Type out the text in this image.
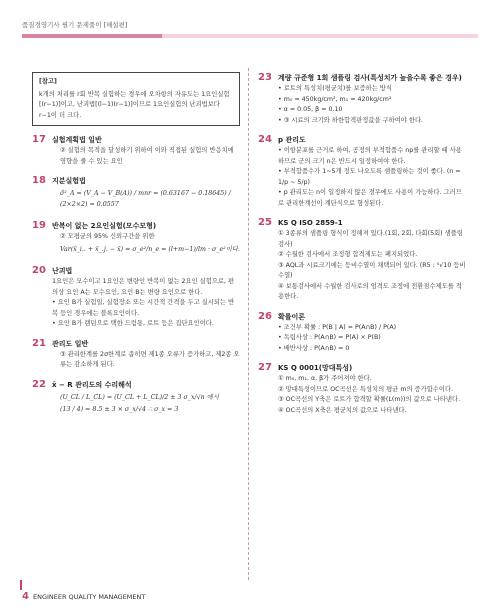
품질경영기사 필기 문제풀이 [해설편]
[참고]
k개의 처리를 r회 반복 실험하는 경우에 오차항의 자유도는 1요인실험[(r−1)]이고, 난괴법[(l−1)(r−1)]이므로 1요인실험의 난괴법보다 r−1이 더 크다.
17 실험계획법 일반
② 실험의 목적을 달성하기 위하여 이와 직접된 실험의 반응치에 영향을 줄 수 있는 요인
18 지분실험법
σ̂²_A = (V_A − V_B(A)) / mnr = (0.63167 − 0.18645) / (2×2×2) = 0.0557
19 반복이 없는 2요인실험(모수모형)
② 모평균의 95% 신뢰구간을 위한
Var(x̄_i.. + x̄_.j. − x̄) = σ_e²/n_e = (l+m−1)/lm · σ_e²이다.
20 난괴법
1요인은 모수이고 1요인은 변량인 반복이 없는 2요인 실험으로, 편의상 요인 A는 모수요인, 요인 B는 변량 요인으로 한다.
• 요인 B가 실험일, 실험장소 또는 시간적 간격을 두고 실시되는 반복 등인 경우에는 블록요인이다.
• 요인 B가 랜덤으로 택한 드럼통, 로트 등은 집단요인이다.
21 관리도 일반
③ 관리한계를 2σ한계로 좁히면 제1종 오류가 증가하고, 제2종 오류는 감소하게 된다.
22 x̄ − R 관리도의 수리해석
(U_CL / L_CL) = (U_CL + L_CL)/2 ± 3 σ_x/√n 에서
(13 / 4) = 8.5 ± 3 × σ_x/√4 ∴ σ_x = 3
23 계량 규준형 1회 샘플링 검사(특성치가 높을수록 좋은 경우)
• 로트의 특성치(평균치)를 보증하는 방식
• m₀ = 450kg/cm², m₁ = 420kg/cm²
• α = 0.05, β = 0.10
• ③ 시료의 크기와 하한합격판정값을 구하여야 한다.
24 p 관리도
• 이항분포를 근거로 하여, 공정의 부적합품수 np를 관리할 때 사용하므로 군의 크기 n은 반드시 일정하여야 한다.
• 부적합품수가 1~5개 정도 나오도록 샘플링하는 것이 좋다. (n = 1/p ~ 5/p)
• p 관리도는 n이 일정하지 않은 경우에도 사용이 가능하다. 그러므로 관리한계선이 계단식으로 형성된다.
25 KS Q ISO 2859-1
① 3종류의 샘플링 형식이 정해져 있다.(1회, 2회, 다회(5회) 샘플링검사)
② 수월한 검사에서 조정형 합격제도는 폐지되었다.
③ AQL과 시료크기에는 등비수열이 채택되어 있다. (R5 : ⁵√10 등비수열)
④ 보통검사에서 수월한 검사로의 엄격도 조정에 전환점수제도를 적용한다.
26 확률이론
• 조건부 확률 : P(B | A) = P(A∩B) / P(A)
• 독립사상 : P(A∩B) = P(A) × P(B)
• 배반사상 : P(A∩B) = 0
27 KS Q 0001(망대특성)
① m₀, m₁, α, β가 주어져야 한다.
② 망대특성이므로 OC곡선은 특성치의 평균 m의 증가함수이다.
③ OC곡선의 Y축은 로트가 합격할 확률(L(m))의 값으로 나타낸다.
④ OC곡선의 X축은 평균치의 값으로 나타낸다.
4 ENGINEER QUALITY MANAGEMENT
